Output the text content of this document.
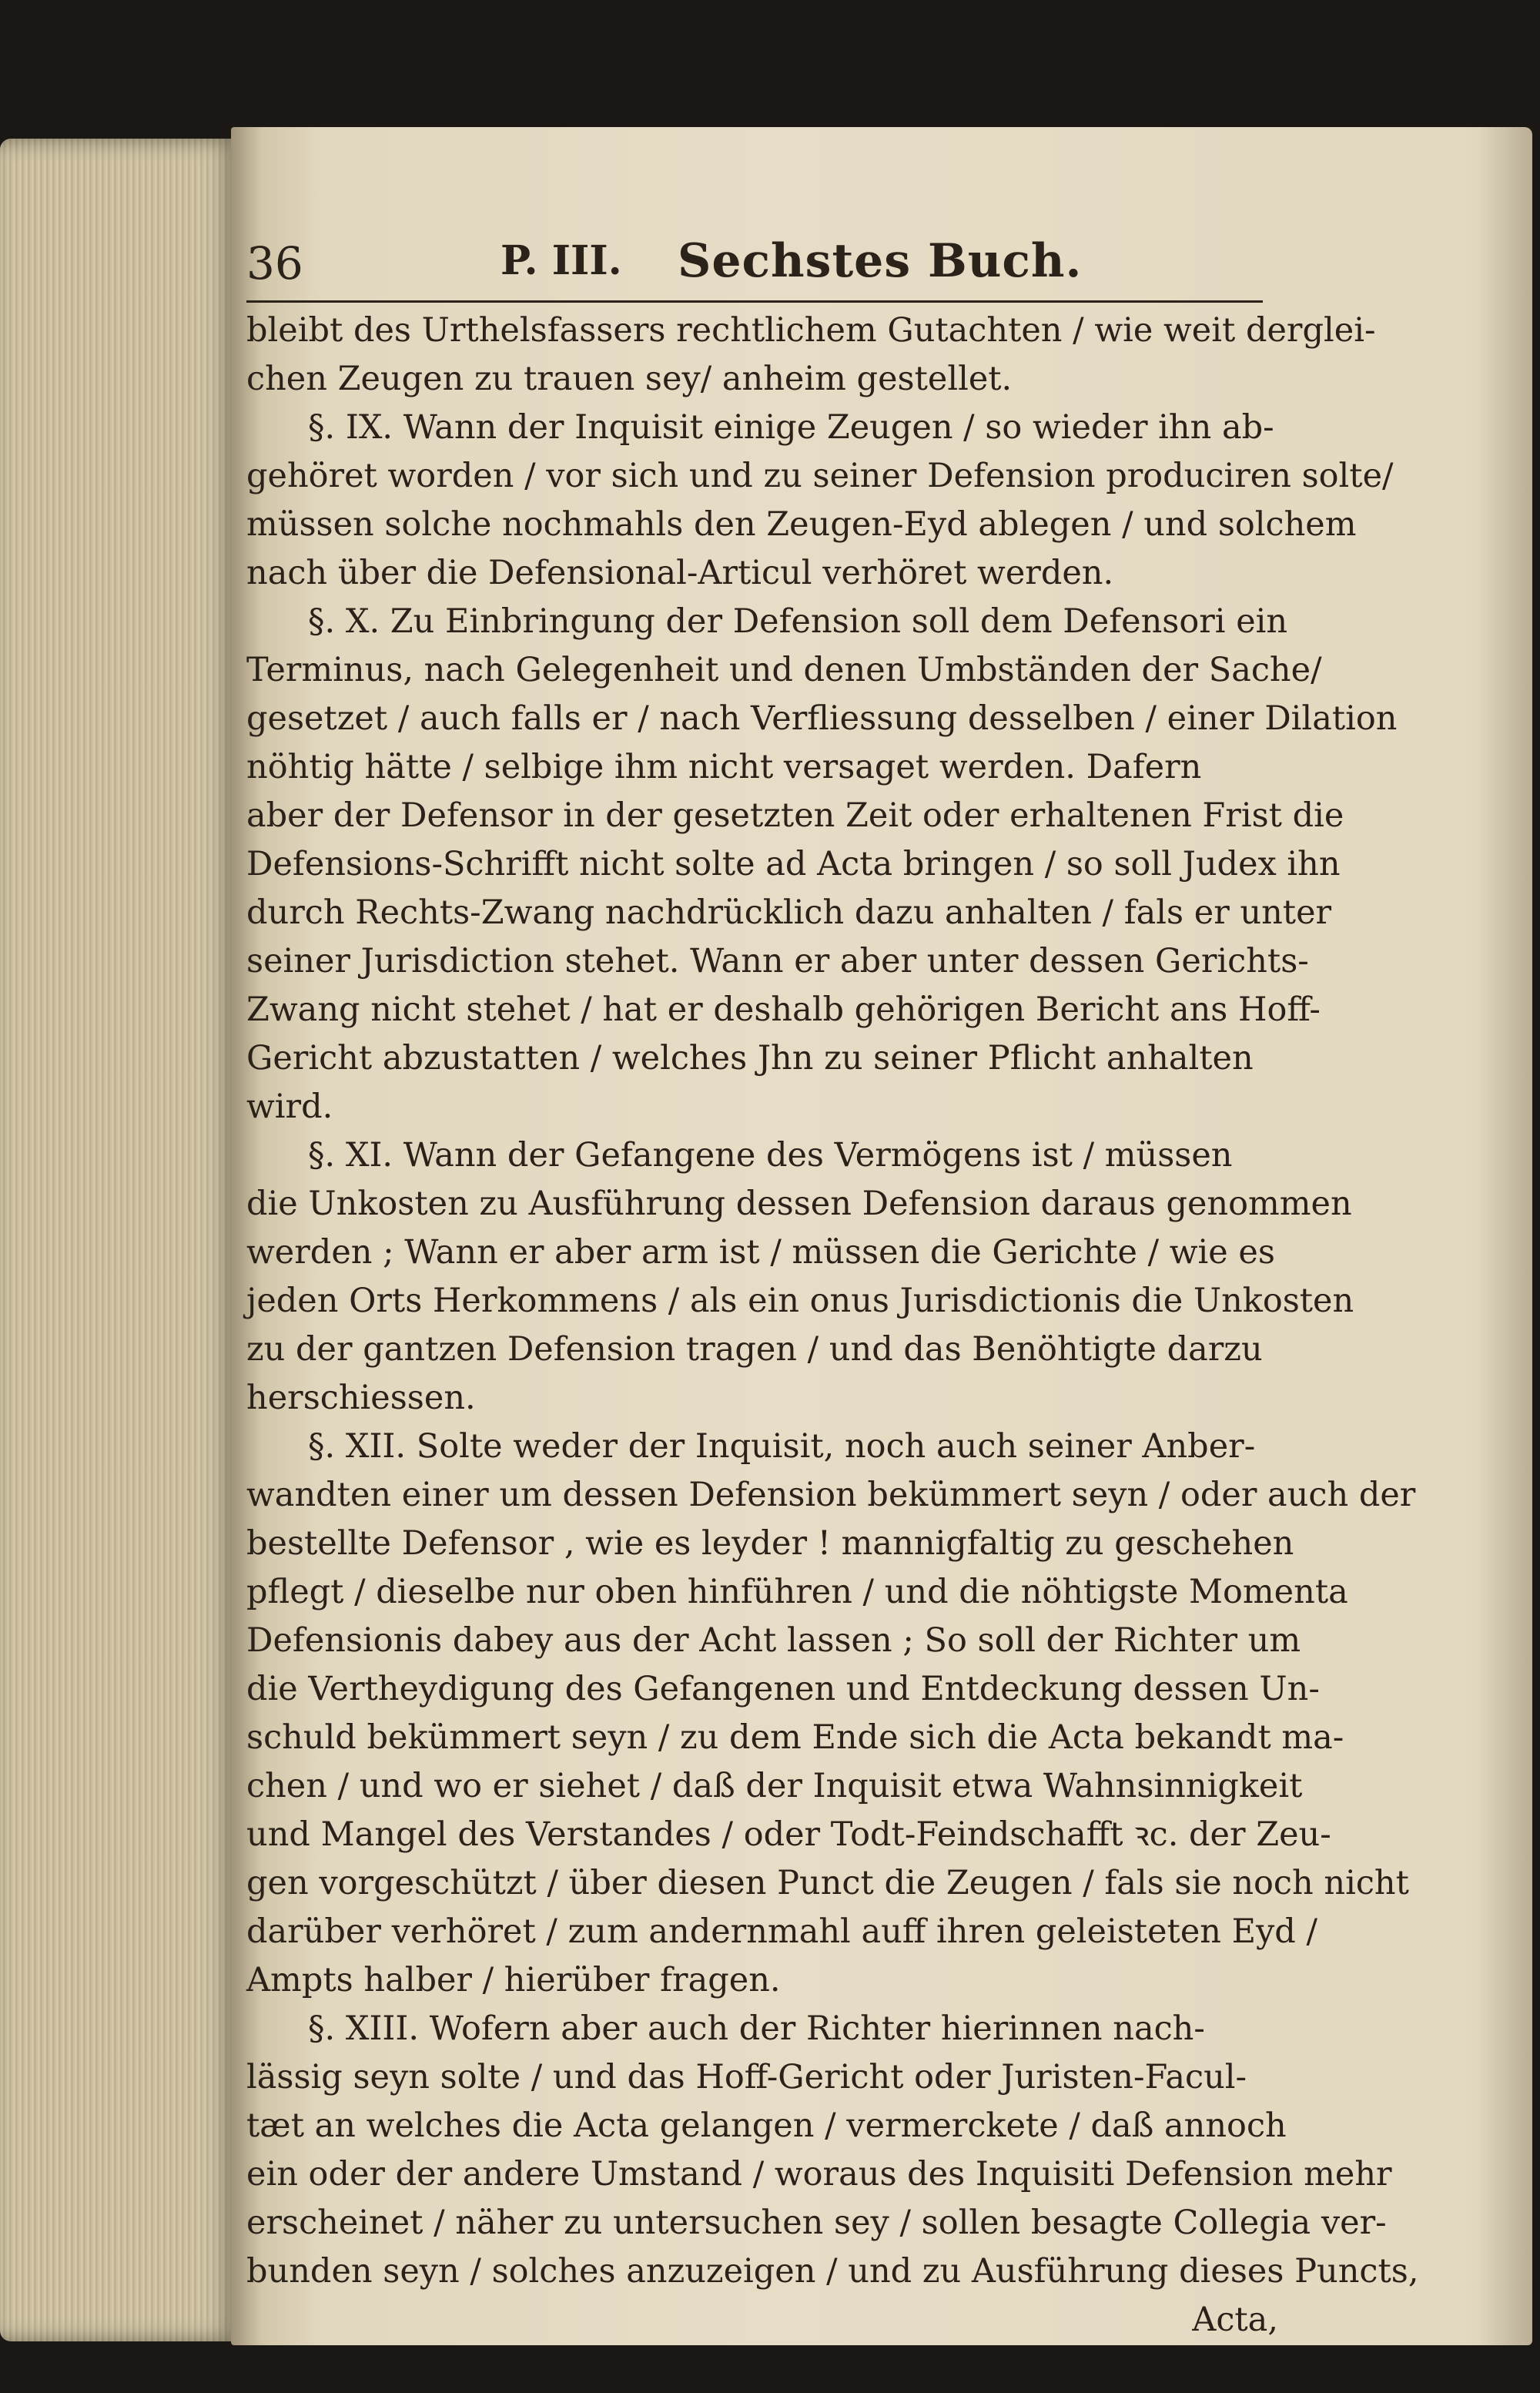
36	P. III. Sechstes Buch.
bleibt des Urthelsfassers rechtlichem Gutachten / wie weit derglei-
chen Zeugen zu trauen sey/ anheim gestellet.
§. IX. Wann der Inquisit einige Zeugen / so wieder ihn ab-
gehöret worden / vor sich und zu seiner Defension produciren solte/
müssen solche nochmahls den Zeugen-Eyd ablegen / und solchem
nach über die Defensional-Articul verhöret werden.
§. X. Zu Einbringung der Defension soll dem Defensori ein
Terminus, nach Gelegenheit und denen Umbständen der Sache/
gesetzet / auch falls er / nach Verfliessung desselben / einer Dilation
nöhtig hätte / selbige ihm nicht versaget werden. Dafern
aber der Defensor in der gesetzten Zeit oder erhaltenen Frist die
Defensions-Schrifft nicht solte ad Acta bringen / so soll Judex ihn
durch Rechts-Zwang nachdrücklich dazu anhalten / fals er unter
seiner Jurisdiction stehet. Wann er aber unter dessen Gerichts-
Zwang nicht stehet / hat er deshalb gehörigen Bericht ans Hoff-
Gericht abzustatten / welches Jhn zu seiner Pflicht anhalten
wird.
§. XI. Wann der Gefangene des Vermögens ist / müssen
die Unkosten zu Ausführung dessen Defension daraus genommen
werden ; Wann er aber arm ist / müssen die Gerichte / wie es
jeden Orts Herkommens / als ein onus Jurisdictionis die Unkosten
zu der gantzen Defension tragen / und das Benöhtigte darzu
herschiessen.
§. XII. Solte weder der Inquisit, noch auch seiner Anber-
wandten einer um dessen Defension bekümmert seyn / oder auch der
bestellte Defensor , wie es leyder ! mannigfaltig zu geschehen
pflegt / dieselbe nur oben hinführen / und die nöhtigste Momenta
Defensionis dabey aus der Acht lassen ; So soll der Richter um
die Vertheydigung des Gefangenen und Entdeckung dessen Un-
schuld bekümmert seyn / zu dem Ende sich die Acta bekandt ma-
chen / und wo er siehet / daß der Inquisit etwa Wahnsinnigkeit
und Mangel des Verstandes / oder Todt-Feindschafft ꝛc. der Zeu-
gen vorgeschützt / über diesen Punct die Zeugen / fals sie noch nicht
darüber verhöret / zum andernmahl auff ihren geleisteten Eyd /
Ampts halber / hierüber fragen.
§. XIII. Wofern aber auch der Richter hierinnen nach-
lässig seyn solte / und das Hoff-Gericht oder Juristen-Facul-
tæt an welches die Acta gelangen / vermerckete / daß annoch
ein oder der andere Umstand / woraus des Inquisiti Defension mehr
erscheinet / näher zu untersuchen sey / sollen besagte Collegia ver-
bunden seyn / solches anzuzeigen / und zu Ausführung dieses Puncts,
Acta,
